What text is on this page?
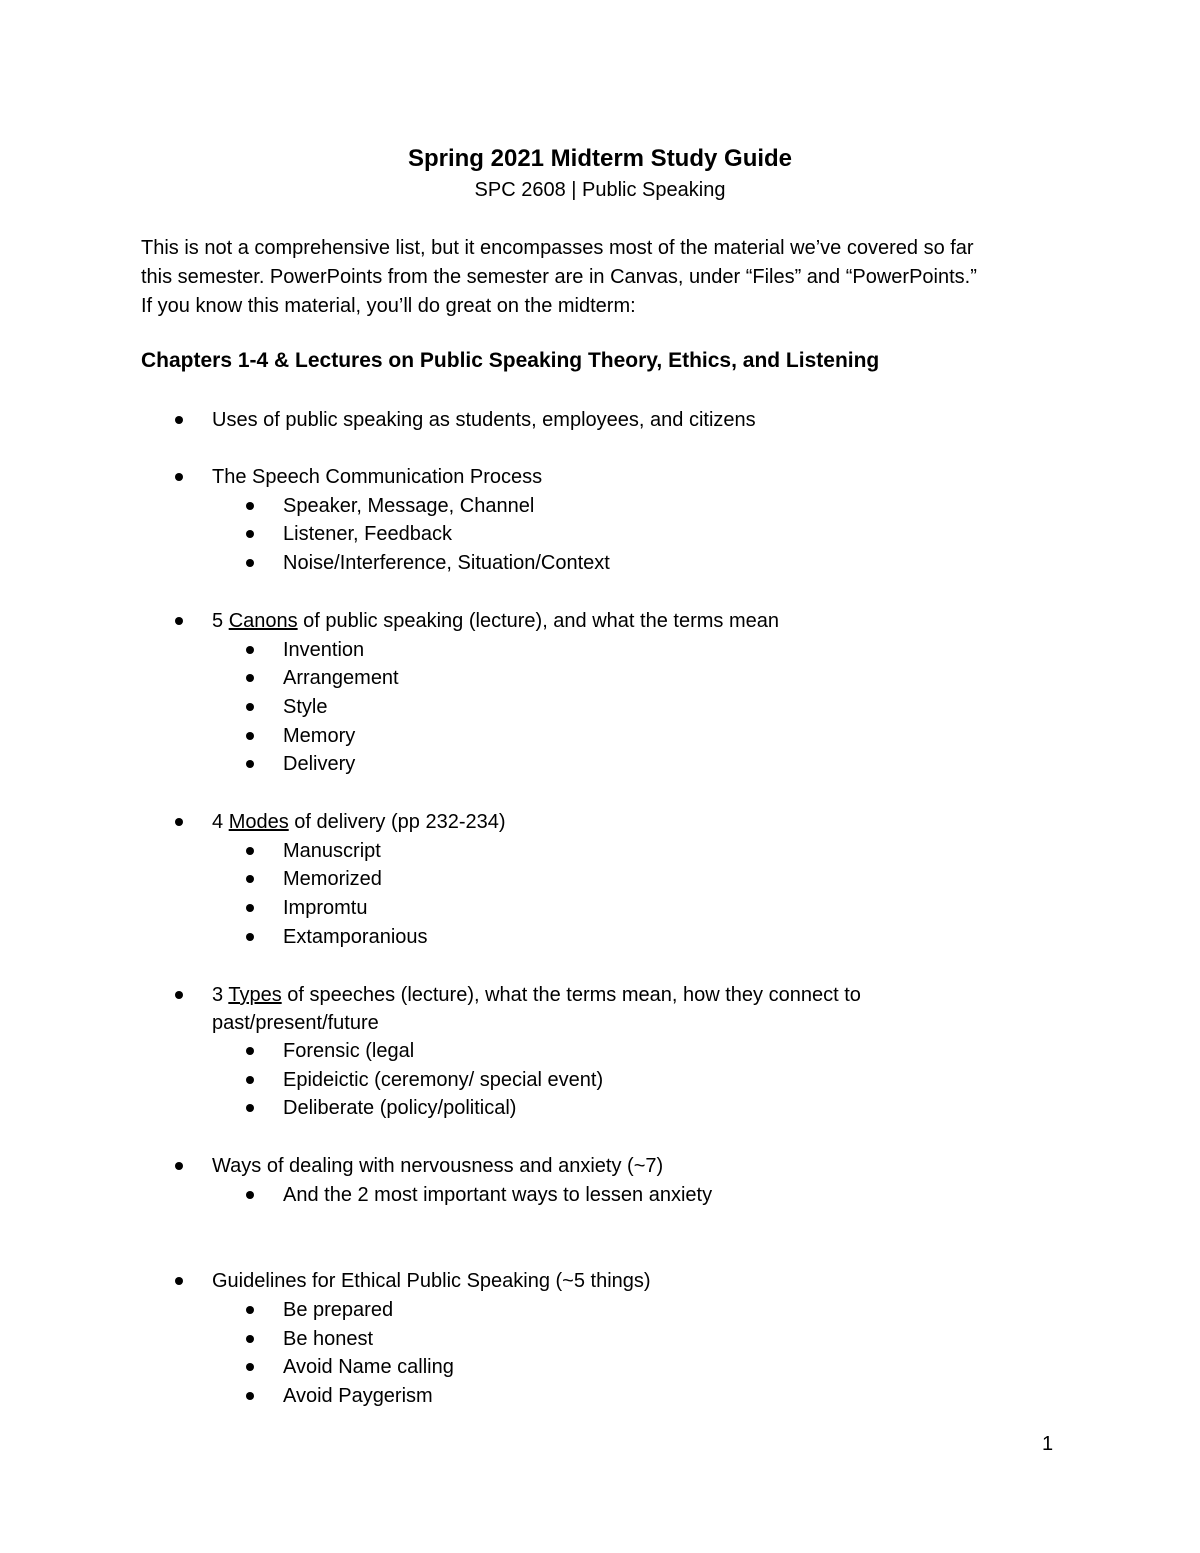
Spring 2021 Midterm Study Guide
SPC 2608 | Public Speaking
This is not a comprehensive list, but it encompasses most of the material we’ve covered so far
this semester. PowerPoints from the semester are in Canvas, under “Files” and “PowerPoints.”
If you know this material, you’ll do great on the midterm:
Chapters 1-4 & Lectures on Public Speaking Theory, Ethics, and Listening
Uses of public speaking as students, employees, and citizens
The Speech Communication Process
Speaker, Message, Channel
Listener, Feedback
Noise/Interference, Situation/Context
5 Canons of public speaking (lecture), and what the terms mean
Invention
Arrangement
Style
Memory
Delivery
4 Modes of delivery (pp 232-234)
Manuscript
Memorized
Impromtu
Extamporanious
3 Types of speeches (lecture), what the terms mean, how they connect to
past/present/future
Forensic (legal
Epideictic (ceremony/ special event)
Deliberate (policy/political)
Ways of dealing with nervousness and anxiety (~7)
And the 2 most important ways to lessen anxiety
Guidelines for Ethical Public Speaking (~5 things)
Be prepared
Be honest
Avoid Name calling
Avoid Paygerism
1
